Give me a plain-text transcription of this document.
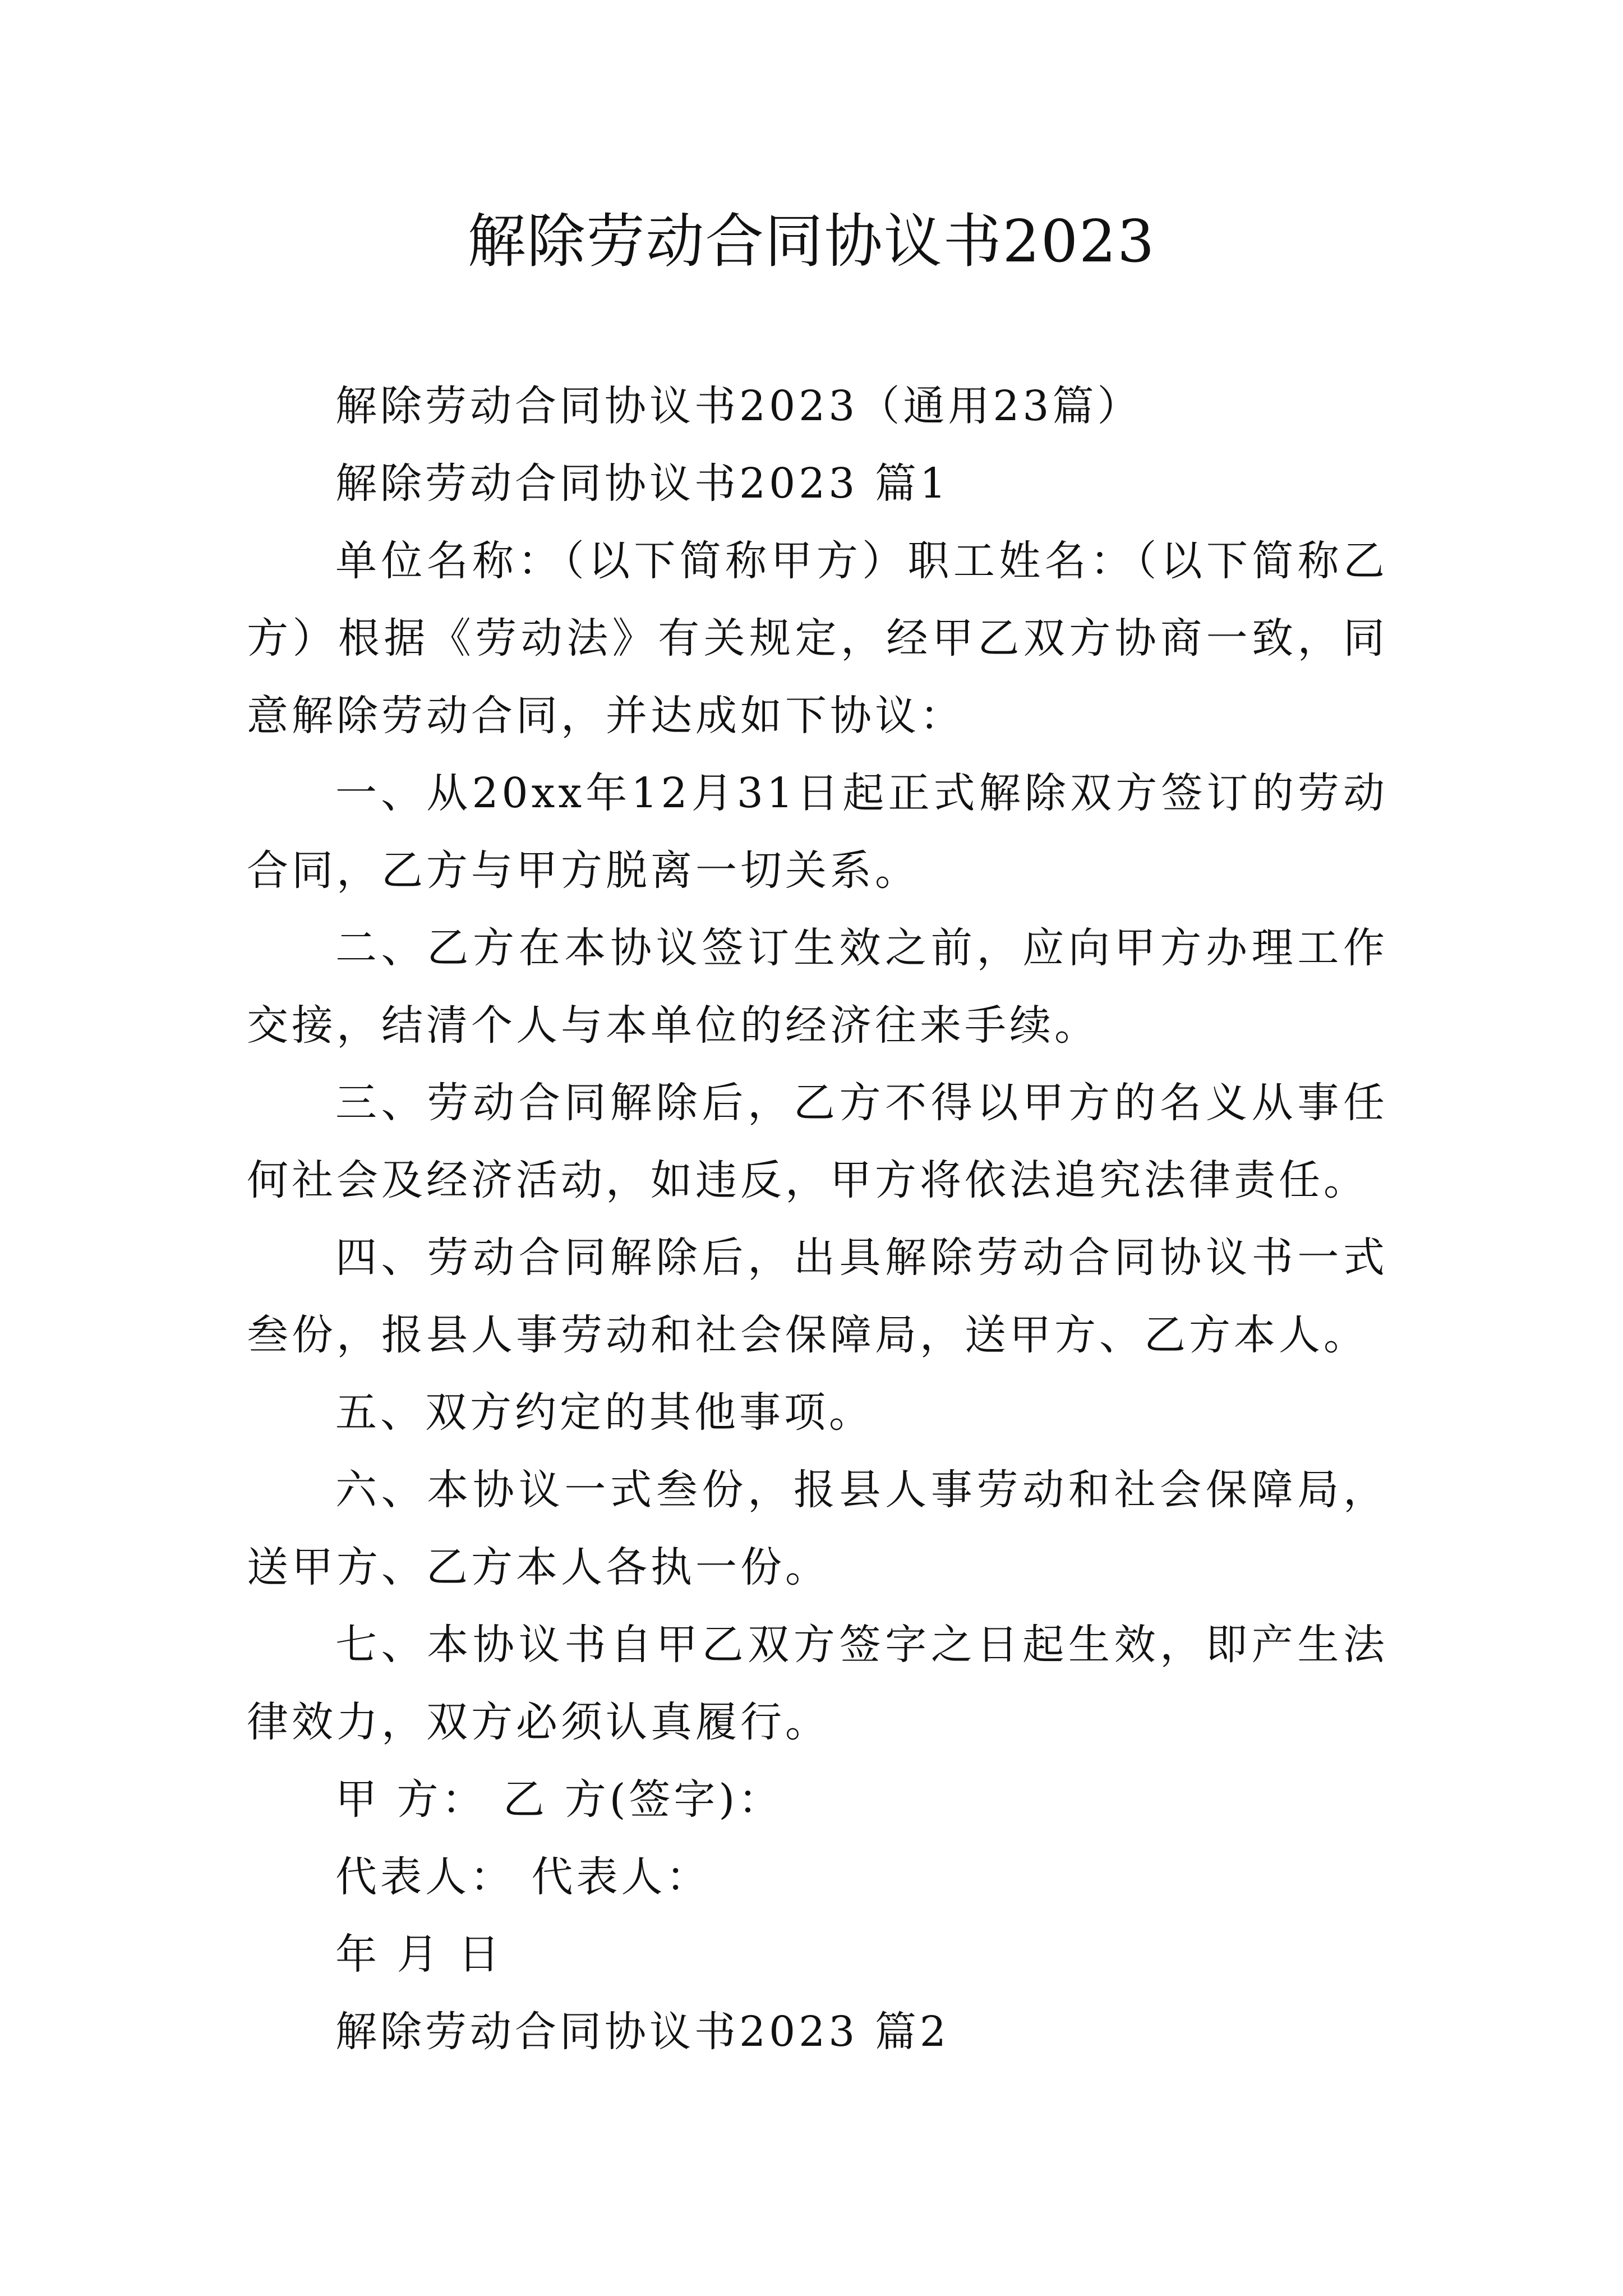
解除劳动合同协议书2023

解除劳动合同协议书2023（通用23篇）

解除劳动合同协议书2023 篇1

单位名称：（以下简称甲方）职工姓名：（以下简称乙方）根据《劳动法》有关规定，经甲乙双方协商一致，同意解除劳动合同，并达成如下协议：

一、从20xx年12月31日起正式解除双方签订的劳动合同，乙方与甲方脱离一切关系。

二、乙方在本协议签订生效之前，应向甲方办理工作交接，结清个人与本单位的经济往来手续。

三、劳动合同解除后，乙方不得以甲方的名义从事任何社会及经济活动，如违反，甲方将依法追究法律责任。

四、劳动合同解除后，出具解除劳动合同协议书一式叁份，报县人事劳动和社会保障局，送甲方、乙方本人。

五、双方约定的其他事项。

六、本协议一式叁份，报县人事劳动和社会保障局，送甲方、乙方本人各执一份。

七、本协议书自甲乙双方签字之日起生效，即产生法律效力，双方必须认真履行。

甲 方： 乙 方(签字)：

代表人： 代表人：

年 月 日

解除劳动合同协议书2023 篇2
